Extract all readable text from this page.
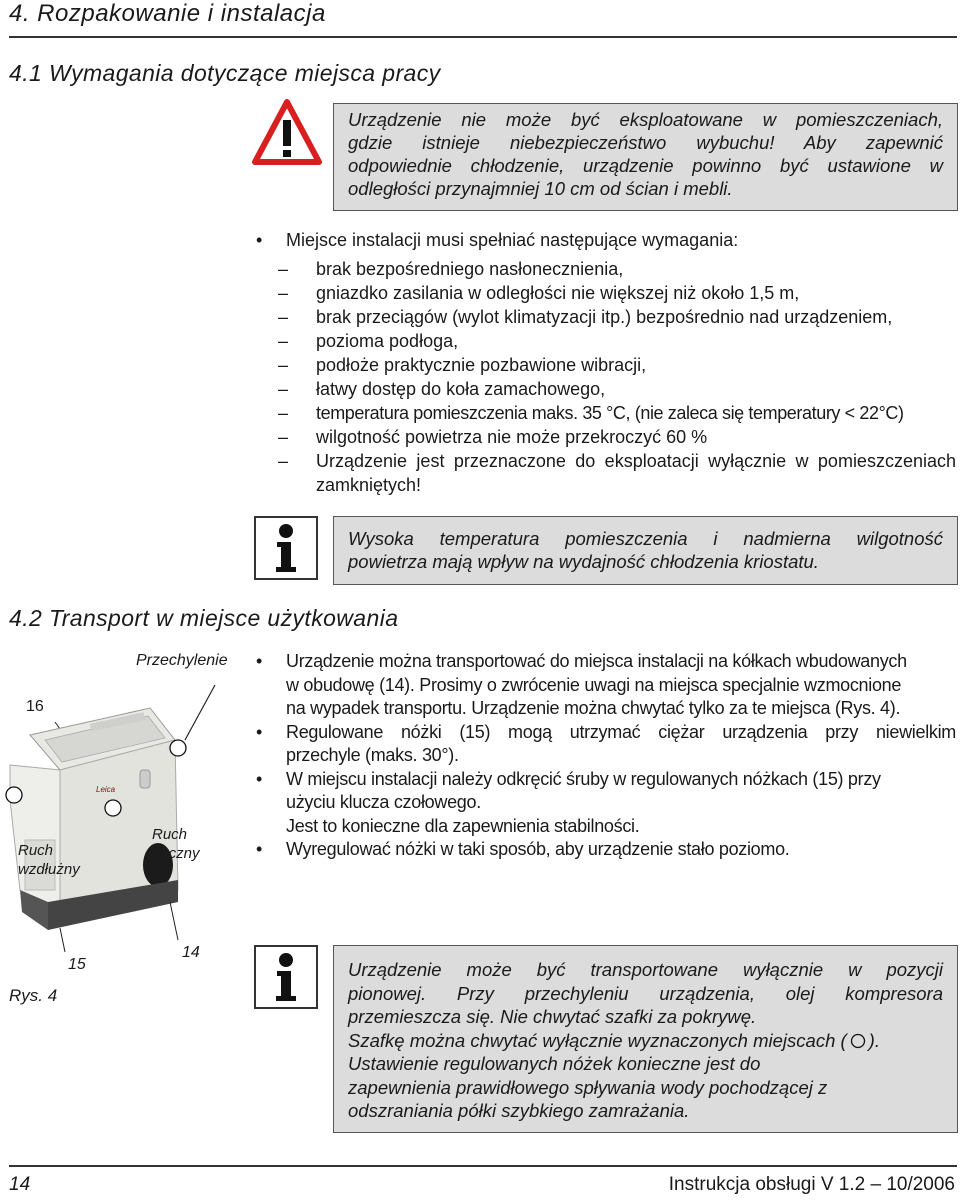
4. Rozpakowanie i instalacja
4.1 Wymagania dotyczące miejsca pracy
Urządzenie nie może być eksploatowane w pomieszczeniach,
gdzie istnieje niebezpieczeństwo wybuchu! Aby zapewnić
odpowiednie chłodzenie, urządzenie powinno być ustawione w
odległości przynajmniej 10 cm od ścian i mebli.
• Miejsce instalacji musi spełniać następujące wymagania:
– brak bezpośredniego nasłonecznienia,
– gniazdko zasilania w odległości nie większej niż około 1,5 m,
– brak przeciągów (wylot klimatyzacji itp.) bezpośrednio nad urządzeniem,
– pozioma podłoga,
– podłoże praktycznie pozbawione wibracji,
– łatwy dostęp do koła zamachowego,
– temperatura pomieszczenia maks. 35 °C, (nie zaleca się temperatury < 22°C)
– wilgotność powietrza nie może przekroczyć 60 %
– Urządzenie jest przeznaczone do eksploatacji wyłącznie w pomieszczeniach zamkniętych!
Wysoka temperatura pomieszczenia i nadmierna wilgotność
powietrza mają wpływ na wydajność chłodzenia kriostatu.
4.2 Transport w miejsce użytkowania
Leica
Przechylenie
16
Ruch
boczny
Ruch
wzdłużny
15
14
Rys. 4
• Urządzenie można transportować do miejsca instalacji na kółkach wbudowanych
w obudowę (14). Prosimy o zwrócenie uwagi na miejsca specjalnie wzmocnione
na wypadek transportu. Urządzenie można chwytać tylko za te miejsca (Rys. 4).
• Regulowane nóżki (15) mogą utrzymać ciężar urządzenia przy niewielkim
przechyle (maks. 30°).
• W miejscu instalacji należy odkręcić śruby w regulowanych nóżkach (15) przy
użyciu klucza czołowego.
Jest to konieczne dla zapewnienia stabilności.
• Wyregulować nóżki w taki sposób, aby urządzenie stało poziomo.
Urządzenie może być transportowane wyłącznie w pozycji
pionowej. Przy przechyleniu urządzenia, olej kompresora
przemieszcza się. Nie chwytać szafki za pokrywę.
Szafkę można chwytać wyłącznie wyznaczonych miejscach ( ).
Ustawienie regulowanych nóżek konieczne jest do
zapewnienia prawidłowego spływania wody pochodzącej z
odszraniania półki szybkiego zamrażania.
14	Instrukcja obsługi V 1.2 – 10/2006
